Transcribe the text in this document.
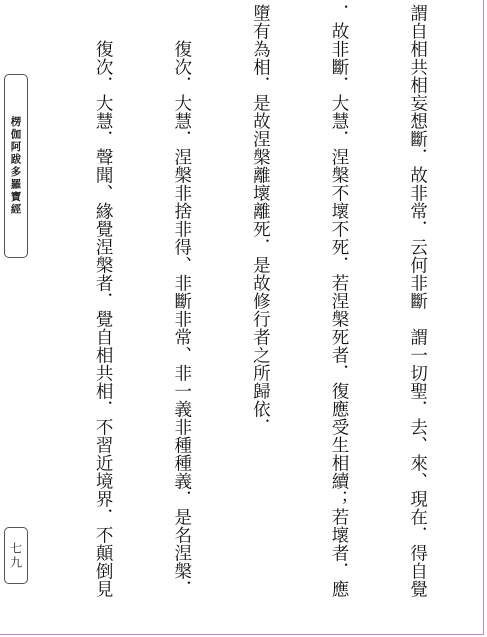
楞伽阿跋多羅寶經
七九

	謂自相共相妄想斷．故非常．云何非斷　謂一切聖．去、來、現在．得自覺

．故非斷．大慧．涅槃不壞不死．若涅槃死者．復應受生相續；若壞者．應

墮有為相．是故涅槃離壞離死．是故修行者之所歸依．

　　復次．大慧．涅槃非捨非得、非斷非常、非一義非種種義．是名涅槃．

　　復次．大慧．聲聞、緣覺涅槃者．覺自相共相．不習近境界．不顛倒見
